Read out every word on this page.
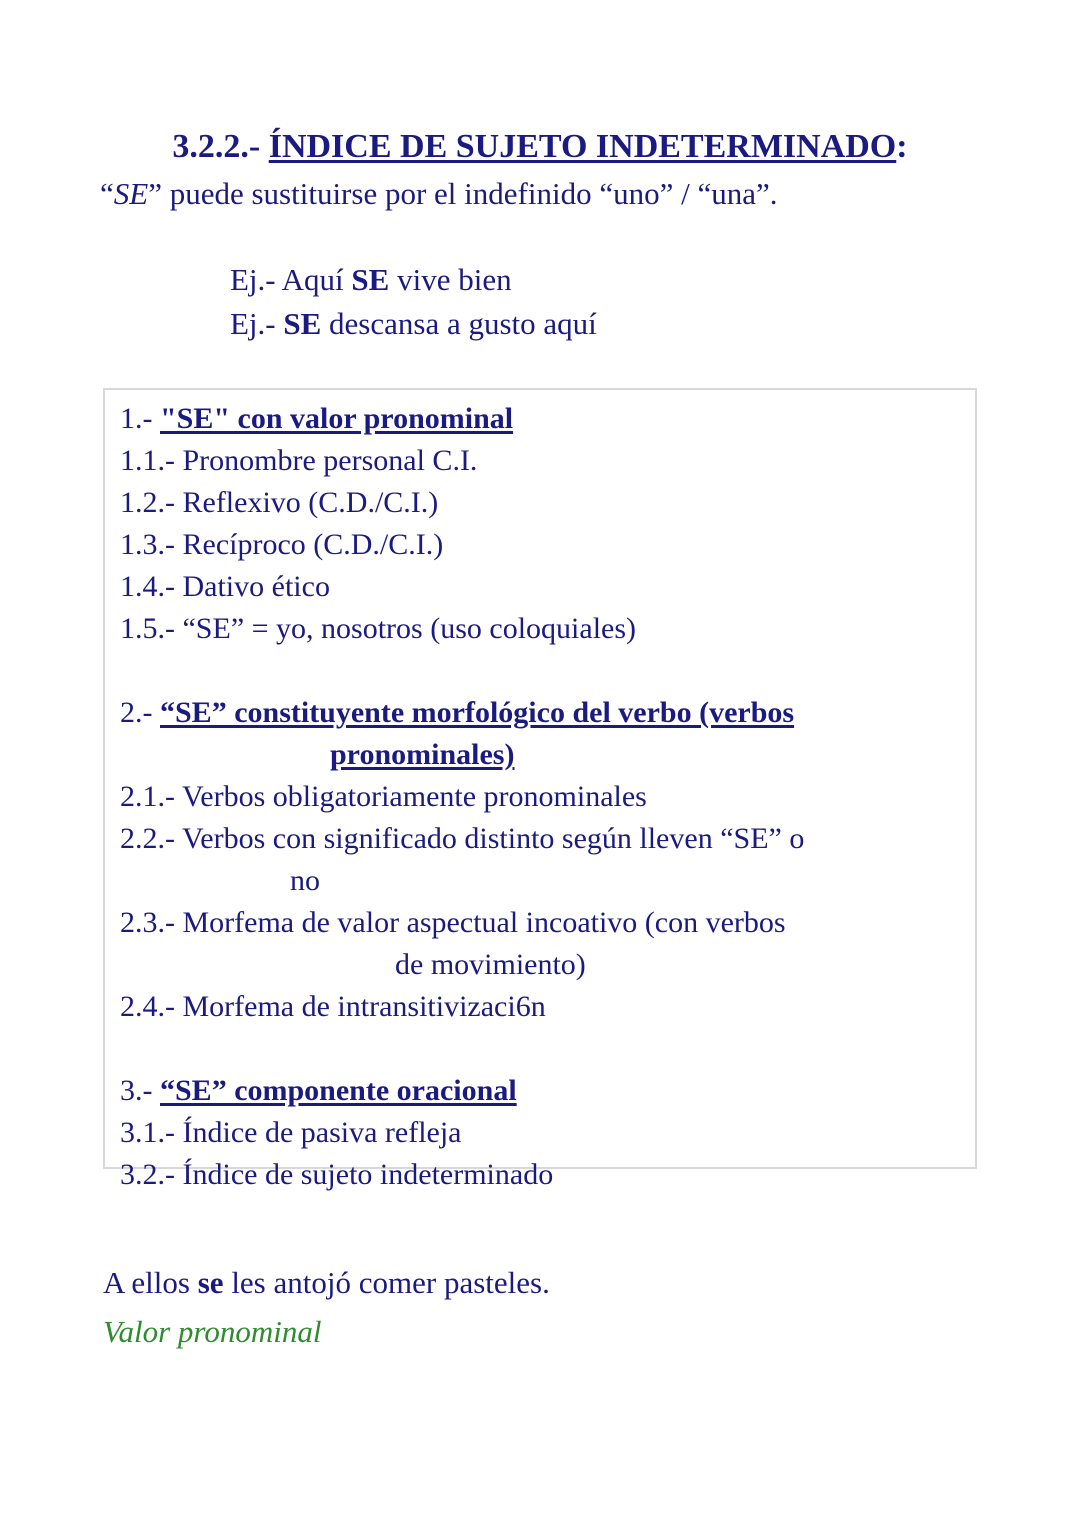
3.2.2.- ÍNDICE DE SUJETO INDETERMINADO:
“SE” puede sustituirse por el indefinido “uno” / “una”.
Ej.- Aquí SE vive bien
Ej.- SE descansa a gusto aquí
1.- "SE" con valor pronominal
1.1.- Pronombre personal C.I.
1.2.- Reflexivo (C.D./C.I.)
1.3.- Recíproco (C.D./C.I.)
1.4.- Dativo ético
1.5.- “SE” = yo, nosotros (uso coloquiales)
2.- “SE” constituyente morfológico del verbo (verbos
pronominales)
2.1.- Verbos obligatoriamente pronominales
2.2.- Verbos con significado distinto según lleven “SE” o
no
2.3.- Morfema de valor aspectual incoativo (con verbos
de movimiento)
2.4.- Morfema de intransitivizaci6n
3.- “SE” componente oracional
3.1.- Índice de pasiva refleja
3.2.- Índice de sujeto indeterminado
A ellos se les antojó comer pasteles.
Valor pronominal
